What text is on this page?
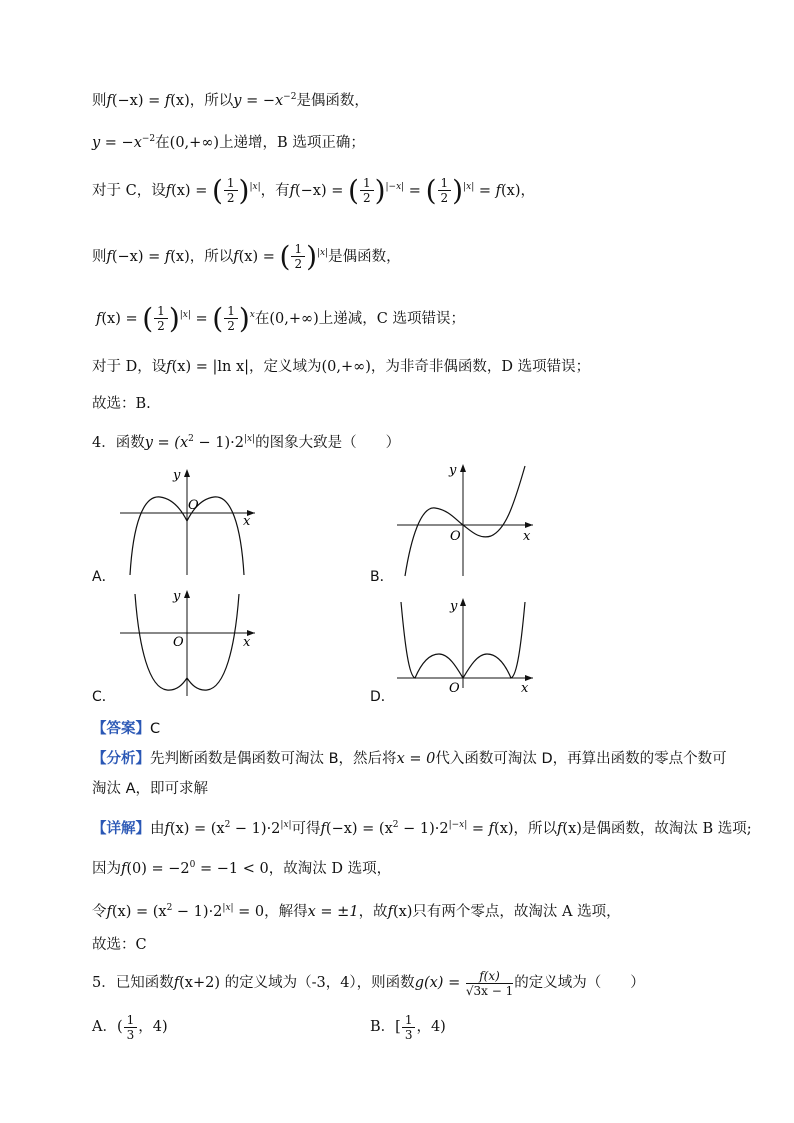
则f(−x) = f(x)，所以$y = -x^{-2}$是偶函数，
$y = -x^{-2}$在(0,+∞)上递增，B 选项正确；
对于 C，设f(x) = ( $\frac{1}{2} )^{|x|}$，有f(−x) = ( $\frac{1}{2} )^{|-x|}$ = ( $\frac{1}{2} )^{|x|} = f(x)$，
则f(−x) = f(x)，所以f(x) = ( $\frac{1}{2} )^{|x|}$是偶函数，
f(x) = ( $\frac{1}{2} )^{|x|}$ = ( $\frac{1}{2} )^x$在(0,+∞)上递减，C 选项错误；
对于 D，设f(x) = |ln x|，定义域为(0,+∞)，为非奇非偶函数，D 选项错误；
故选：B.
4．函数$y = (x^2 - 1)\cdot 2^{|x|}$的图象大致是（　　）
y
O
x
A．
y
O	x
B．
y
O	x
C．
y
O	x
D．
【答案】C
【分析】先判断函数是偶函数可淘汰 B，然后将x = 0代入函数可淘汰 D，再算出函数的零点个数可
淘汰 A，即可求解
【详解】由$f(x) = (x^2 - 1)\cdot 2^{|x|}$可得$f(-x) = (x^2 - 1)\cdot 2^{|-x|} = f(x)$，所以f(x)是偶函数，故淘汰 B 选项;
因为$f(0) = -2^0 = -1 < 0$，故淘汰 D 选项，
令$f(x) = (x^2 - 1)\cdot 2^{|x|} = 0$，解得x = ±1，故f(x)只有两个零点，故淘汰 A 选项，
故选：C
5．已知函数f(x+2) 的定义域为（-3，4），则函数$g(x) = \frac{f(x)}{√3x - 1}$ 的定义域为（　　）
A．( $\frac{1}{3}$ ，4)	B．[ $\frac{1}{3}$ ，4)
